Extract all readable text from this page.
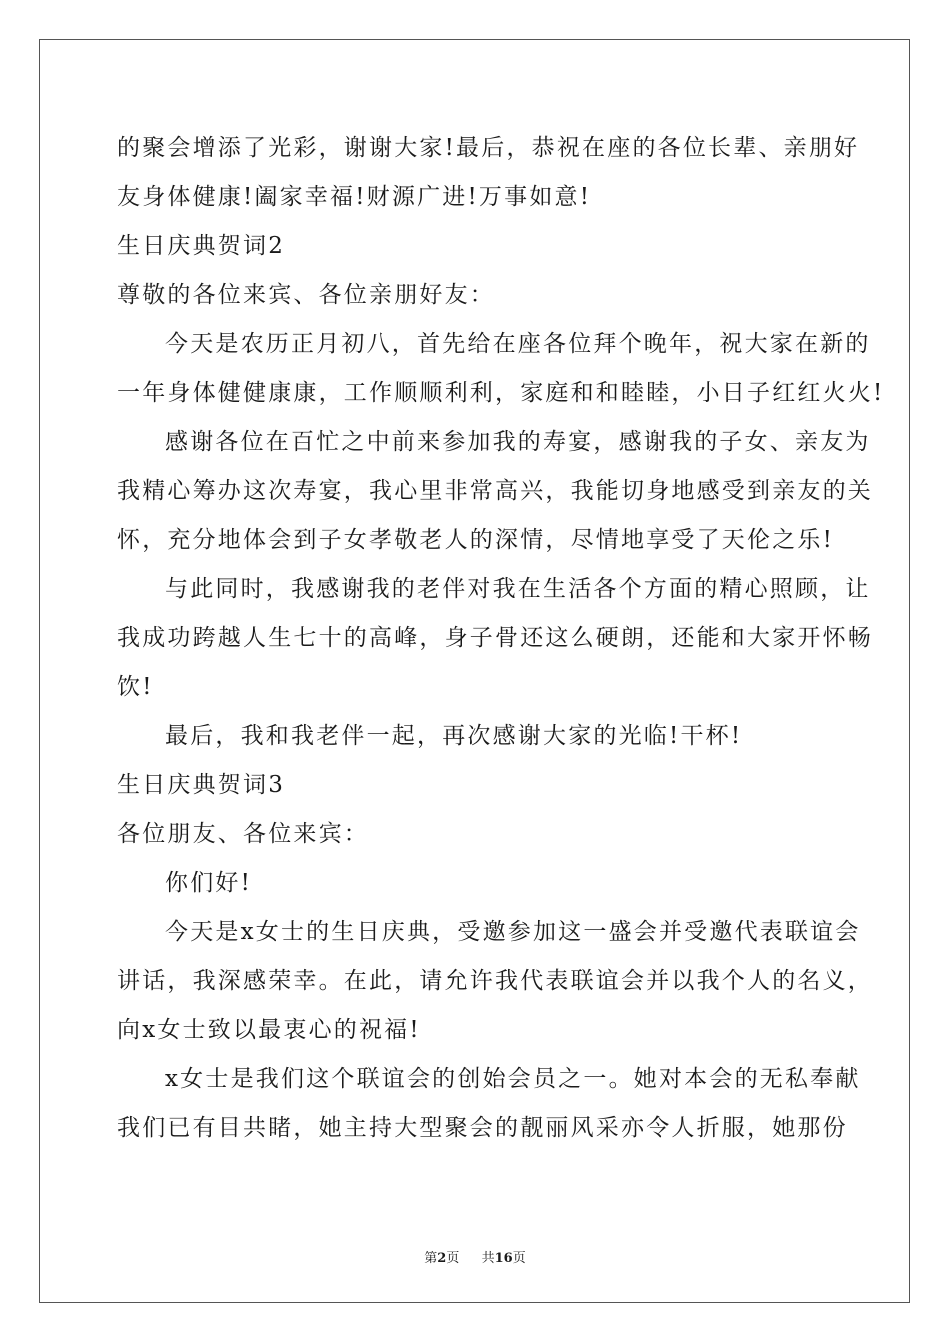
的聚会增添了光彩，谢谢大家!最后，恭祝在座的各位长辈、亲朋好

友身体健康!阖家幸福!财源广进!万事如意!

生日庆典贺词2

尊敬的各位来宾、各位亲朋好友：

今天是农历正月初八，首先给在座各位拜个晚年，祝大家在新的

一年身体健健康康，工作顺顺利利，家庭和和睦睦，小日子红红火火!

感谢各位在百忙之中前来参加我的寿宴，感谢我的子女、亲友为

我精心筹办这次寿宴，我心里非常高兴，我能切身地感受到亲友的关

怀，充分地体会到子女孝敬老人的深情，尽情地享受了天伦之乐!

与此同时，我感谢我的老伴对我在生活各个方面的精心照顾，让

我成功跨越人生七十的高峰，身子骨还这么硬朗，还能和大家开怀畅

饮!

最后，我和我老伴一起，再次感谢大家的光临!干杯!

生日庆典贺词3

各位朋友、各位来宾：

你们好!

今天是x女士的生日庆典，受邀参加这一盛会并受邀代表联谊会

讲话，我深感荣幸。在此，请允许我代表联谊会并以我个人的名义，

向x女士致以最衷心的祝福!

x女士是我们这个联谊会的创始会员之一。她对本会的无私奉献

我们已有目共睹，她主持大型聚会的靓丽风采亦令人折服，她那份

第2页 共16页
